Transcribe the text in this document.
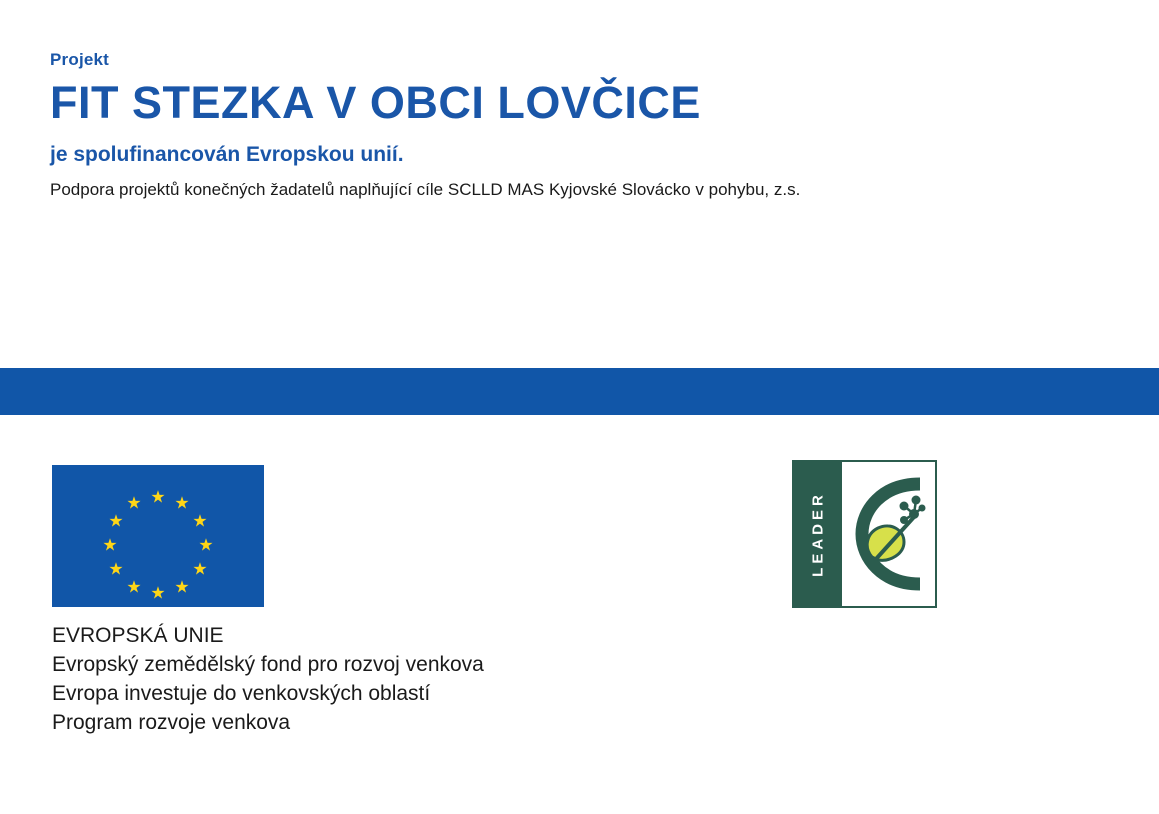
Projekt

FIT STEZKA V OBCI LOVČICE

je spolufinancován Evropskou unií.

Podpora projektů konečných žadatelů naplňující cíle SCLLD MAS Kyjovské Slovácko v pohybu, z.s.

★ ★
★
★
★
★
★
★
★
★
★
★	LEADER
EVROPSKÁ UNIE
Evropský zemědělský fond pro rozvoj venkova
Evropa investuje do venkovských oblastí
Program rozvoje venkova
